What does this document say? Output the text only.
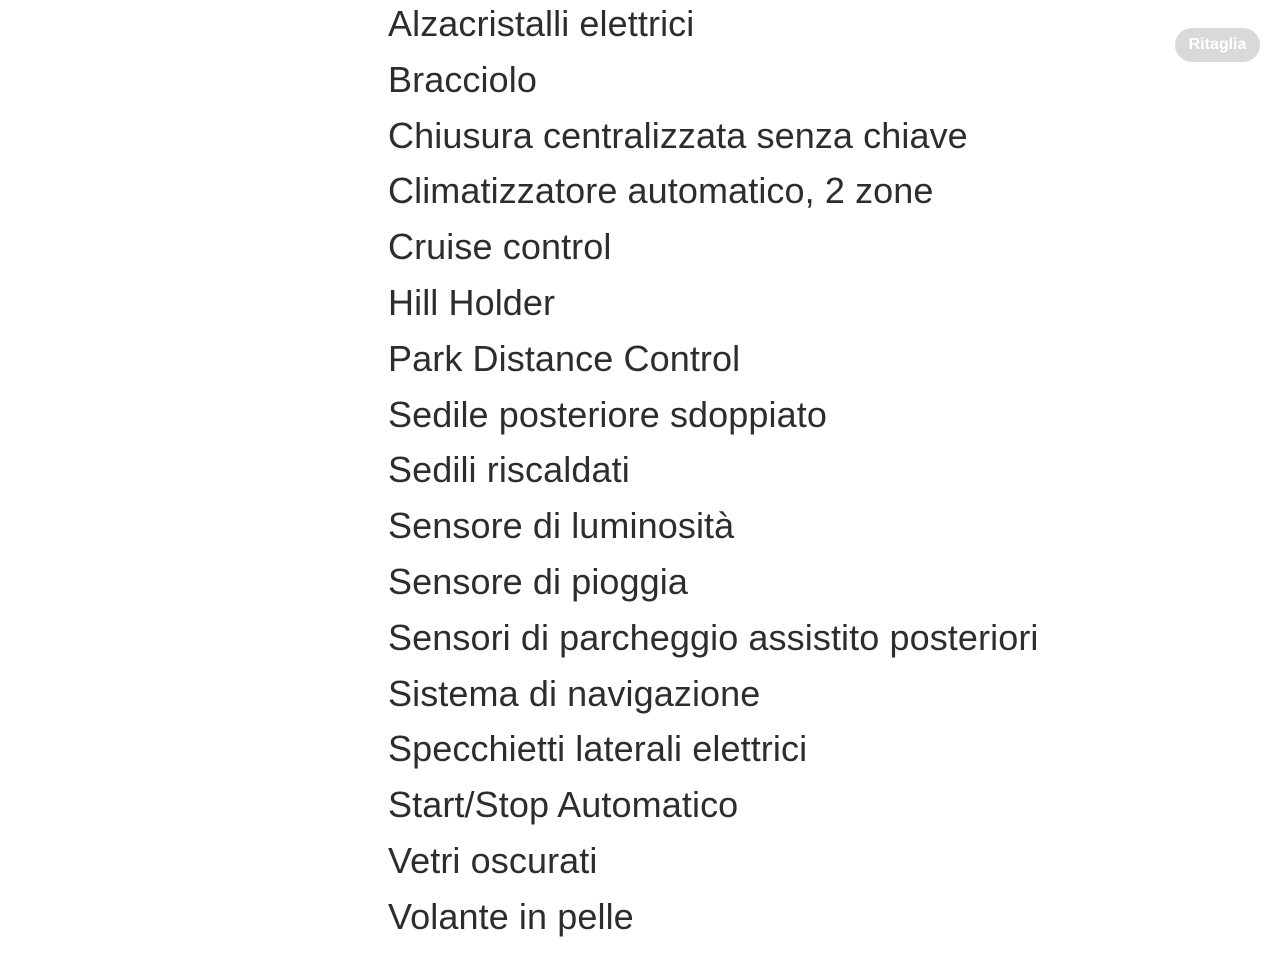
Alzacristalli elettrici
Bracciolo
Chiusura centralizzata senza chiave
Climatizzatore automatico, 2 zone
Cruise control
Hill Holder
Park Distance Control
Sedile posteriore sdoppiato
Sedili riscaldati
Sensore di luminosità
Sensore di pioggia
Sensori di parcheggio assistito posteriori
Sistema di navigazione
Specchietti laterali elettrici
Start/Stop Automatico
Vetri oscurati
Volante in pelle
Ritaglia
